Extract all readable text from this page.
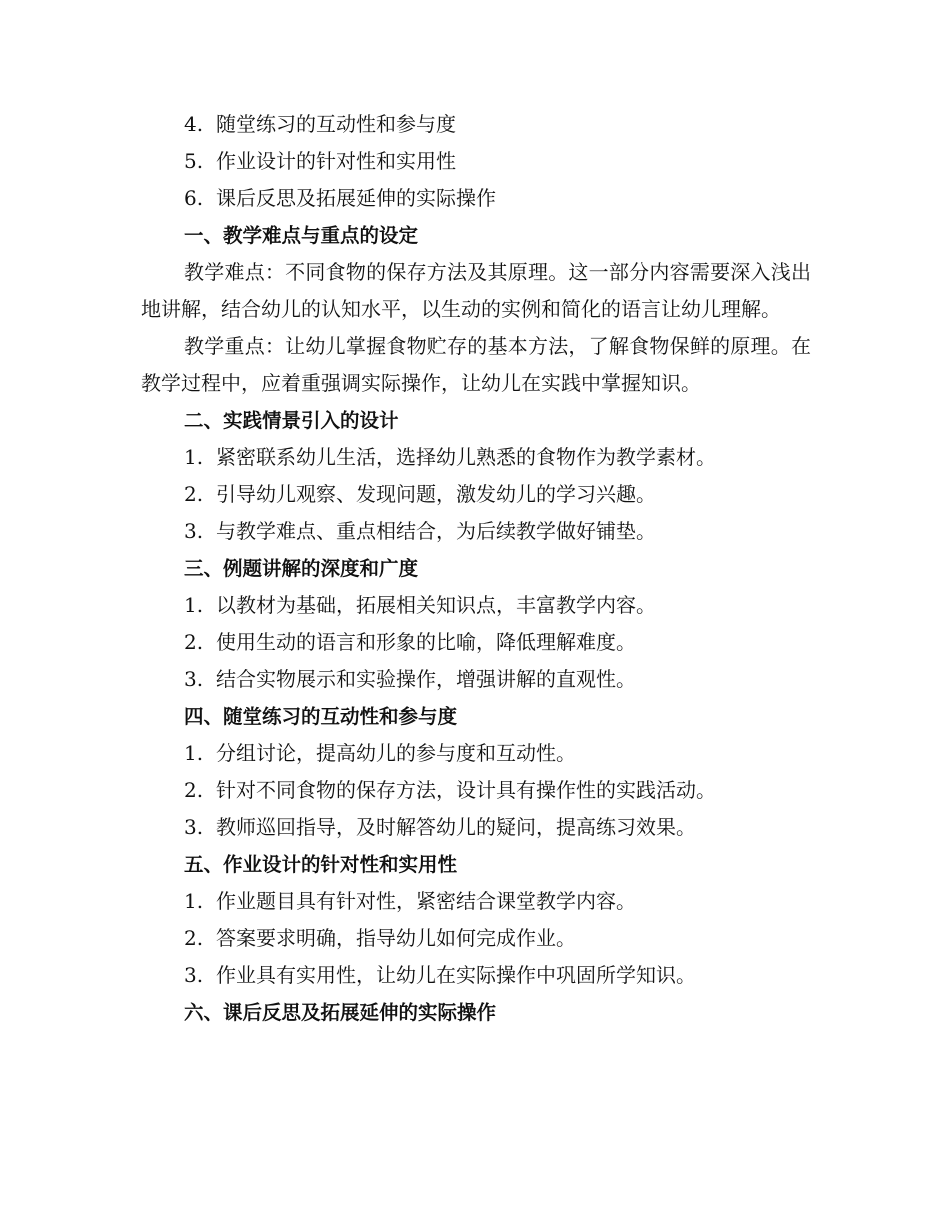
4. 随堂练习的互动性和参与度
5. 作业设计的针对性和实用性
6. 课后反思及拓展延伸的实际操作
一、教学难点与重点的设定
教学难点：不同食物的保存方法及其原理。这一部分内容需要深入浅出地讲解，结合幼儿的认知水平，以生动的实例和简化的语言让幼儿理解。
教学重点：让幼儿掌握食物贮存的基本方法，了解食物保鲜的原理。在教学过程中，应着重强调实际操作，让幼儿在实践中掌握知识。
二、实践情景引入的设计
1. 紧密联系幼儿生活，选择幼儿熟悉的食物作为教学素材。
2. 引导幼儿观察、发现问题，激发幼儿的学习兴趣。
3. 与教学难点、重点相结合，为后续教学做好铺垫。
三、例题讲解的深度和广度
1. 以教材为基础，拓展相关知识点，丰富教学内容。
2. 使用生动的语言和形象的比喻，降低理解难度。
3. 结合实物展示和实验操作，增强讲解的直观性。
四、随堂练习的互动性和参与度
1. 分组讨论，提高幼儿的参与度和互动性。
2. 针对不同食物的保存方法，设计具有操作性的实践活动。
3. 教师巡回指导，及时解答幼儿的疑问，提高练习效果。
五、作业设计的针对性和实用性
1. 作业题目具有针对性，紧密结合课堂教学内容。
2. 答案要求明确，指导幼儿如何完成作业。
3. 作业具有实用性，让幼儿在实际操作中巩固所学知识。
六、课后反思及拓展延伸的实际操作
